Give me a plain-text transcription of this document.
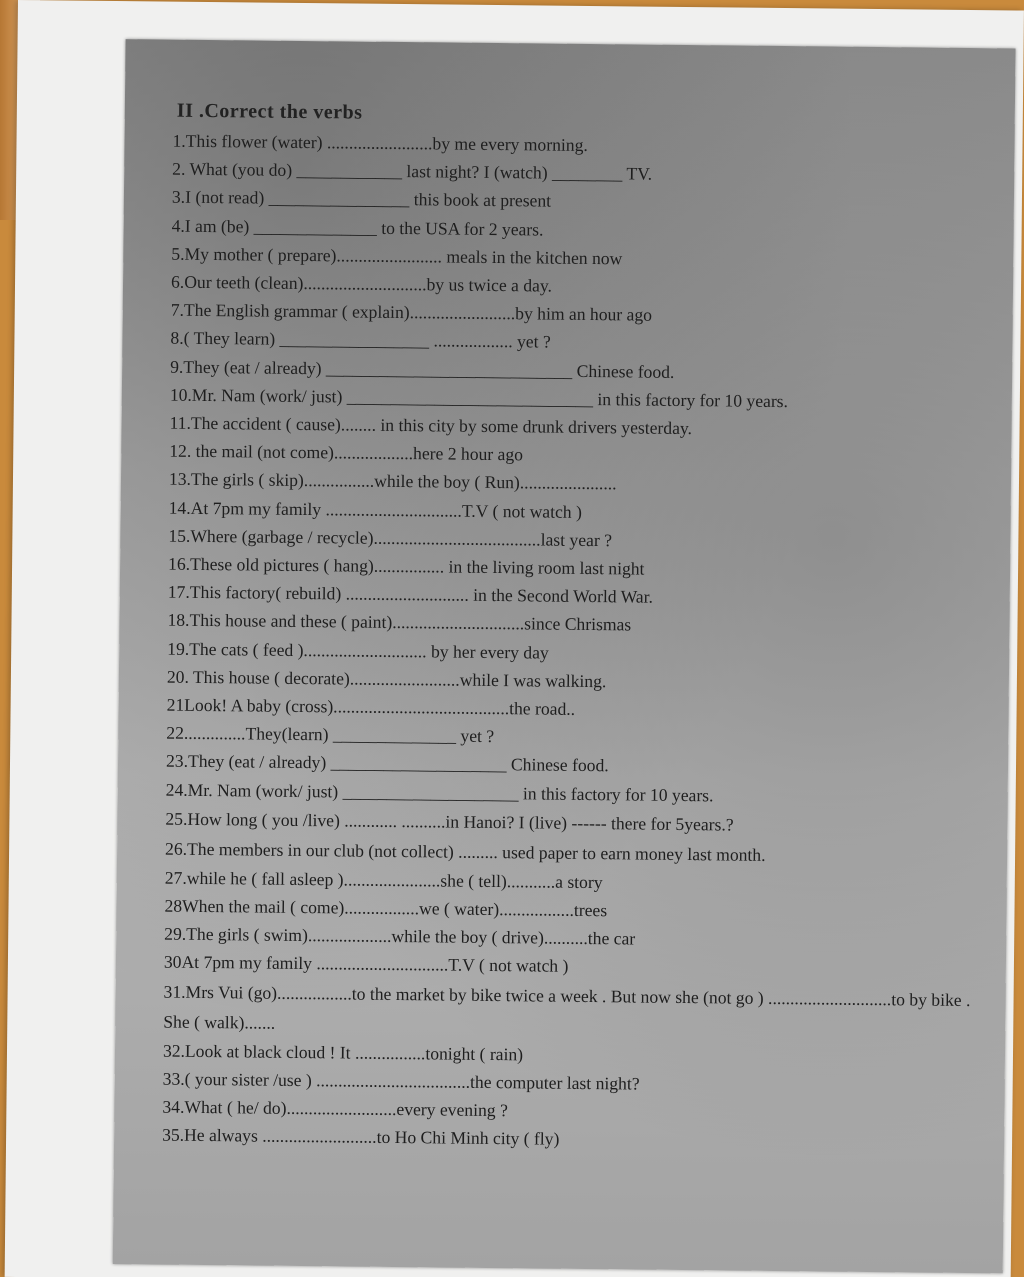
II .Correct the verbs
1.This flower (water) ........................by me every morning.
2. What (you do) ____________ last night? I (watch) ________ TV.
3.I (not read) ________________ this book at present
4.I am (be) ______________ to the USA for 2 years.
5.My mother ( prepare)........................ meals in the kitchen now
6.Our teeth (clean)............................by us twice a day.
7.The English grammar ( explain)........................by him an hour ago
8.( They learn) _________________ .................. yet ?
9.They (eat / already) ____________________________ Chinese food.
10.Mr. Nam (work/ just) ____________________________ in this factory for 10 years.
11.The accident ( cause)........ in this city by some drunk drivers yesterday.
12. the mail (not come)..................here 2 hour ago
13.The girls ( skip)................while the boy ( Run)......................
14.At 7pm my family ...............................T.V ( not watch )
15.Where (garbage / recycle)......................................last year ?
16.These old pictures ( hang)................ in the living room last night
17.This factory( rebuild) ............................ in the Second World War.
18.This house and these ( paint)..............................since Chrismas
19.The cats ( feed )............................ by her every day
20. This house ( decorate).........................while I was walking.
21Look! A baby (cross)........................................the road..
22..............They(learn) ______________ yet ?
23.They (eat / already) ____________________ Chinese food.
24.Mr. Nam (work/ just) ____________________ in this factory for 10 years.
25.How long ( you /live) ............ ..........in Hanoi? I (live) ------ there for 5years.?
26.The members in our club (not collect) ......... used paper to earn money last month.
27.while he ( fall asleep )......................she ( tell)...........a story
28When the mail ( come).................we ( water).................trees
29.The girls ( swim)...................while the boy ( drive)..........the car
30At 7pm my family ..............................T.V ( not watch )
31.Mrs Vui (go).................to the market by bike twice a week . But now she (not go ) ............................to by bike . She ( walk).......
32.Look at black cloud ! It ................tonight ( rain)
33.( your sister /use ) ...................................the computer last night?
34.What ( he/ do).........................every evening ?
35.He always ..........................to Ho Chi Minh city ( fly)
